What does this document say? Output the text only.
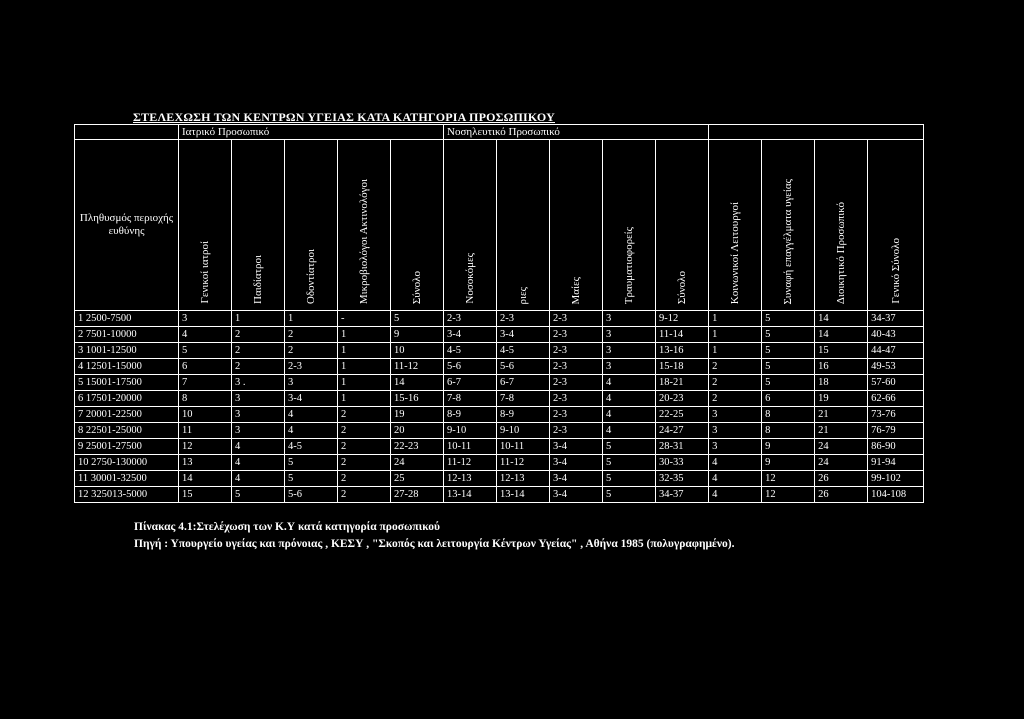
ΣΤΕΛΕΧΩΣΗ ΤΩΝ ΚΕΝΤΡΩΝ ΥΓΕΙΑΣ ΚΑΤΑ ΚΑΤΗΓΟΡΙΑ ΠΡΟΣΩΠΙΚΟΥ
	Ιατρικό Προσωπικό					Νοσηλευτικό Προσωπικό								
Πληθυσμός περιοχής ευθύνης	Γενικοί ιατροί	Παιδίατροι	Οδοντίατροι	Μικροβιολόγοι Ακτινολόγοι	Σύνολο	Νοσοκόμες	ριες	Μαίες	Τραυματιοφορείς	Σύνολο	Κοινωνικοί Λειτουργοί	Συναφή επαγγέλματα υγείας	Διοικητικό Προσωπικό	Γενικό Σύνολο

1 2500-7500	3	1	1	-	5	2-3	2-3	2-3	3	9-12	1	5	14	34-37
2 7501-10000	4	2	2	1	9	3-4	3-4	2-3	3	11-14	1	5	14	40-43
3 1001-12500	5	2	2	1	10	4-5	4-5	2-3	3	13-16	1	5	15	44-47
4 12501-15000	6	2	2-3	1	11-12	5-6	5-6	2-3	3	15-18	2	5	16	49-53
5 15001-17500	7	3 .	3	1	14	6-7	6-7	2-3	4	18-21	2	5	18	57-60
6 17501-20000	8	3	3-4	1	15-16	7-8	7-8	2-3	4	20-23	2	6	19	62-66
7 20001-22500	10	3	4	2	19	8-9	8-9	2-3	4	22-25	3	8	21	73-76
8 22501-25000	11	3	4	2	20	9-10	9-10	2-3	4	24-27	3	8	21	76-79
9 25001-27500	12	4	4-5	2	22-23	10-11	10-11	3-4	5	28-31	3	9	24	86-90
10 2750-130000	13	4	5	2	24	11-12	11-12	3-4	5	30-33	4	9	24	91-94
11 30001-32500	14	4	5	2	25	12-13	12-13	3-4	5	32-35	4	12	26	99-102
12 325013-5000	15	5	5-6	2	27-28	13-14	13-14	3-4	5	34-37	4	12	26	104-108
Πίνακας 4.1:Στελέχωση των Κ.Υ κατά κατηγορία προσωπικού
Πηγή : Υπουργείο υγείας και πρόνοιας , ΚΕΣΥ , "Σκοπός και λειτουργία Κέντρων Υγείας" , Αθήνα 1985 (πολυγραφημένο).
